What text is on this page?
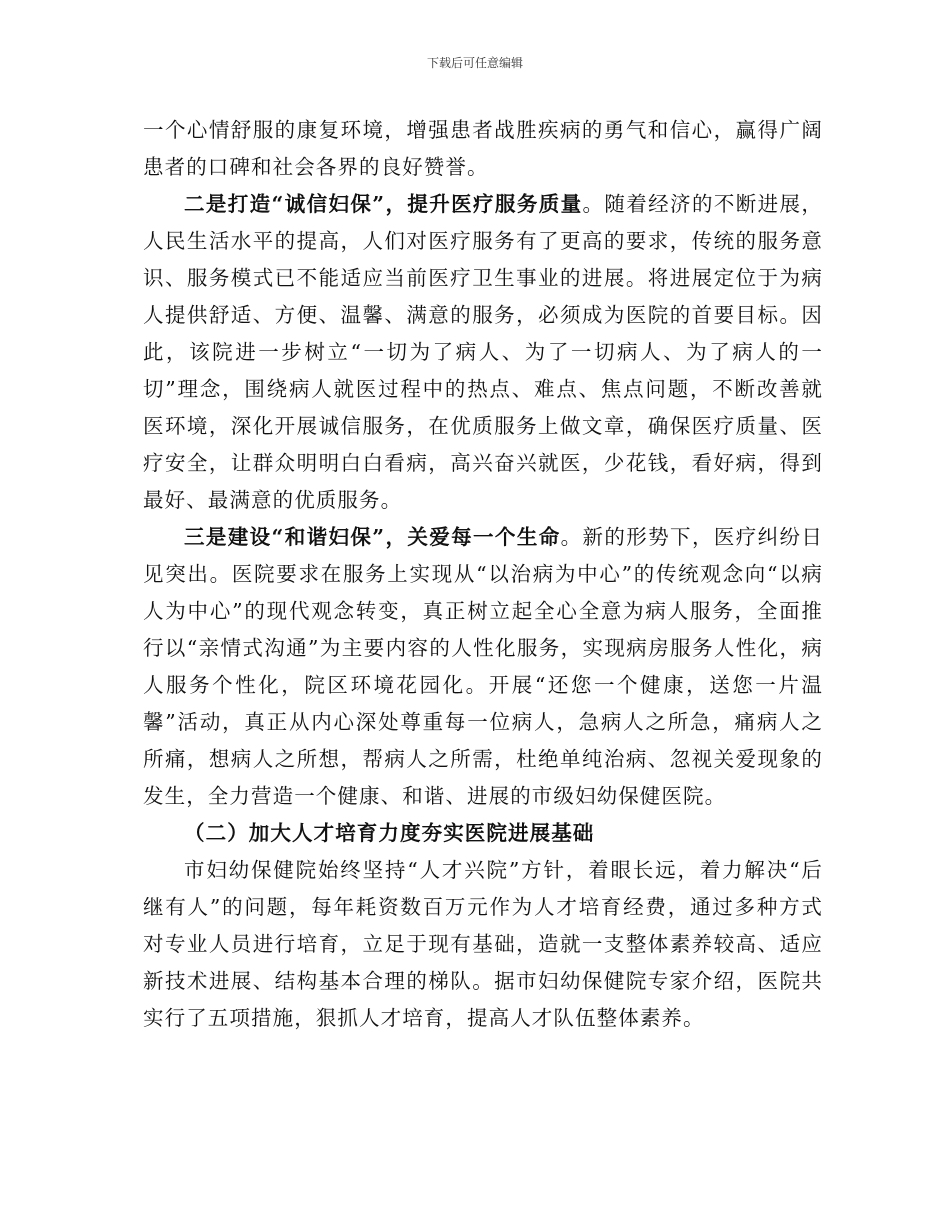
下载后可任意编辑

一个心情舒服的康复环境，增强患者战胜疾病的勇气和信心，赢得广阔患者的口碑和社会各界的良好赞誉。

二是打造“诚信妇保”，提升医疗服务质量。随着经济的不断进展，人民生活水平的提高，人们对医疗服务有了更高的要求，传统的服务意识、服务模式已不能适应当前医疗卫生事业的进展。将进展定位于为病人提供舒适、方便、温馨、满意的服务，必须成为医院的首要目标。因此，该院进一步树立“一切为了病人、为了一切病人、为了病人的一切”理念，围绕病人就医过程中的热点、难点、焦点问题，不断改善就医环境，深化开展诚信服务，在优质服务上做文章，确保医疗质量、医疗安全，让群众明明白白看病，高兴奋兴就医，少花钱，看好病，得到最好、最满意的优质服务。

三是建设“和谐妇保”，关爱每一个生命。新的形势下，医疗纠纷日见突出。医院要求在服务上实现从“以治病为中心”的传统观念向“以病人为中心”的现代观念转变，真正树立起全心全意为病人服务，全面推行以“亲情式沟通”为主要内容的人性化服务，实现病房服务人性化，病人服务个性化，院区环境花园化。开展“还您一个健康，送您一片温馨”活动，真正从内心深处尊重每一位病人，急病人之所急，痛病人之所痛，想病人之所想，帮病人之所需，杜绝单纯治病、忽视关爱现象的发生，全力营造一个健康、和谐、进展的市级妇幼保健医院。

（二）加大人才培育力度夯实医院进展基础

市妇幼保健院始终坚持“人才兴院”方针，着眼长远，着力解决“后继有人”的问题，每年耗资数百万元作为人才培育经费，通过多种方式对专业人员进行培育，立足于现有基础，造就一支整体素养较高、适应新技术进展、结构基本合理的梯队。据市妇幼保健院专家介绍，医院共实行了五项措施，狠抓人才培育，提高人才队伍整体素养。
